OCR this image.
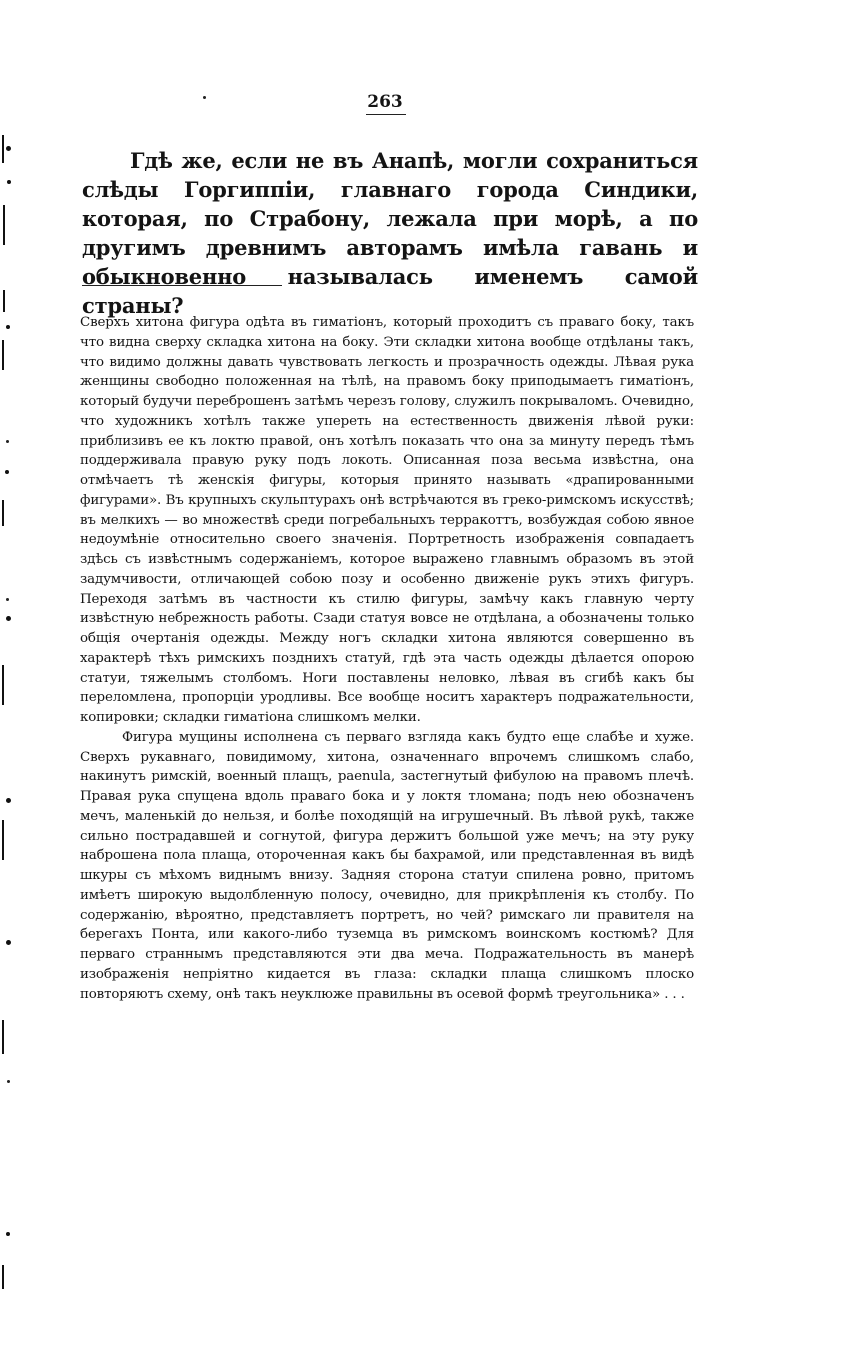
263

Гдѣ же, если не въ Анапѣ, могли сохраниться слѣды Горгиппіи, главнаго города Синдики, которая, по Страбону, лежала при морѣ, а по другимъ древнимъ авторамъ имѣла гавань и обыкновенно называлась именемъ самой страны?

Сверхъ хитона фигура одѣта въ гиматіонъ, который проходитъ съ праваго боку, такъ что видна сверху складка хитона на боку. Эти складки хитона вообще отдѣланы такъ, что видимо должны давать чувствовать легкость и прозрачность одежды. Лѣвая рука женщины свободно положенная на тѣлѣ, на правомъ боку приподымаетъ гиматіонъ, который будучи переброшенъ затѣмъ черезъ голову, служилъ покрываломъ. Очевидно, что художникъ хотѣлъ также упереть на естественность движенія лѣвой руки: приблизивъ ее къ локтю правой, онъ хотѣлъ показать что она за минуту передъ тѣмъ поддерживала правую руку подъ локоть. Описанная поза весьма извѣстна, она отмѣчаетъ тѣ женскія фигуры, которыя принято называть «драпированными фигурами». Въ крупныхъ скульптурахъ онѣ встрѣчаются въ греко-римскомъ искусствѣ; въ мелкихъ — во множествѣ среди погребальныхъ терракоттъ, возбуждая собою явное недоумѣніе относительно своего значенія. Портретность изображенія совпадаетъ здѣсь съ извѣстнымъ содержаніемъ, которое выражено главнымъ образомъ въ этой задумчивости, отличающей собою позу и особенно движеніе рукъ этихъ фигуръ. Переходя затѣмъ въ частности къ стилю фигуры, замѣчу какъ главную черту извѣстную небрежность работы. Сзади статуя вовсе не отдѣлана, а обозначены только общія очертанія одежды. Между ногъ складки хитона являются совершенно въ характерѣ тѣхъ римскихъ позднихъ статуй, гдѣ эта часть одежды дѣлается опорою статуи, тяжелымъ столбомъ. Ноги поставлены неловко, лѣвая въ сгибѣ какъ бы переломлена, пропорціи уродливы. Все вообще носитъ характеръ подражательности, копировки; складки гиматіона слишкомъ мелки.

Фигура мущины исполнена съ перваго взгляда какъ будто еще слабѣе и хуже. Сверхъ рукавнаго, повидимому, хитона, означеннаго впрочемъ слишкомъ слабо, накинутъ римскій, военный плащъ, paenula, застегнутый фибулою на правомъ плечѣ. Правая рука спущена вдоль праваго бока и у локтя тломана; подъ нею обозначенъ мечъ, маленькій до нельзя, и болѣе походящій на игрушечный. Въ лѣвой рукѣ, также сильно пострадавшей и согнутой, фигура держитъ большой уже мечъ; на эту руку наброшена пола плаща, отороченная какъ бы бахрамой, или представленная въ видѣ шкуры съ мѣхомъ виднымъ внизу. Задняя сторона статуи спилена ровно, притомъ имѣетъ широкую выдолбленную полосу, очевидно, для прикрѣпленія къ столбу. По содержанію, вѣроятно, представляетъ портретъ, но чей? римскаго ли правителя на берегахъ Понта, или какого-либо туземца въ римскомъ воинскомъ костюмѣ? Для перваго страннымъ представляются эти два меча. Подражательность въ манерѣ изображенія непріятно кидается въ глаза: складки плаща слишкомъ плоско повторяютъ схему, онѣ такъ неуклюже правильны въ осевой формѣ треугольника» . . .
